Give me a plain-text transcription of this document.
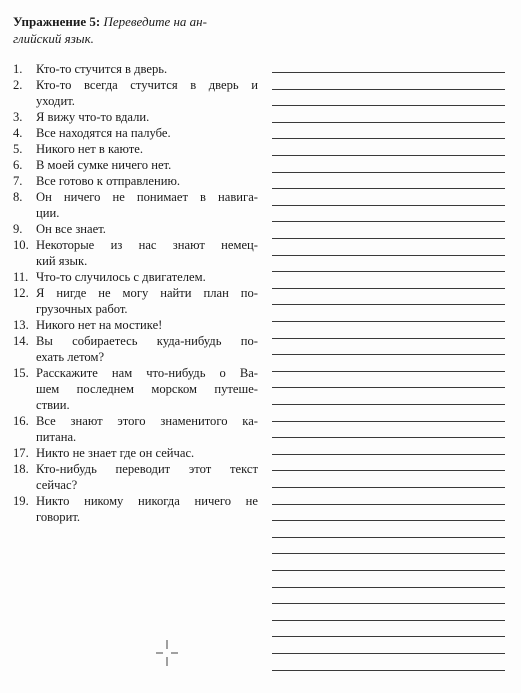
Упражнение 5: Переведите на ан-
глийский язык.

1.	Кто-то стучится в дверь.
2.	Кто-то всегда стучится в дверь и
уходит.
3.	Я вижу что-то вдали.
4.	Все находятся на палубе.
5.	Никого нет в каюте.
6.	В моей сумке ничего нет.
7.	Все готово к отправлению.
8.	Он ничего не понимает в навига-
ции.
9.	Он все знает.
10. Некоторые из нас знают немец-
кий язык.
11. Что-то случилось с двигателем.
12. Я нигде не могу найти план по-
грузочных работ.
13. Никого нет на мостике!
14. Вы собираетесь куда-нибудь по-
ехать летом?
15. Расскажите нам что-нибудь о Ва-
шем последнем морском путеше-
ствии.
16. Все знают этого знаменитого ка-
питана.
17. Никто не знает где он сейчас.
18. Кто-нибудь переводит этот текст
сейчас?
19. Никто никому никогда ничего не
говорит.
